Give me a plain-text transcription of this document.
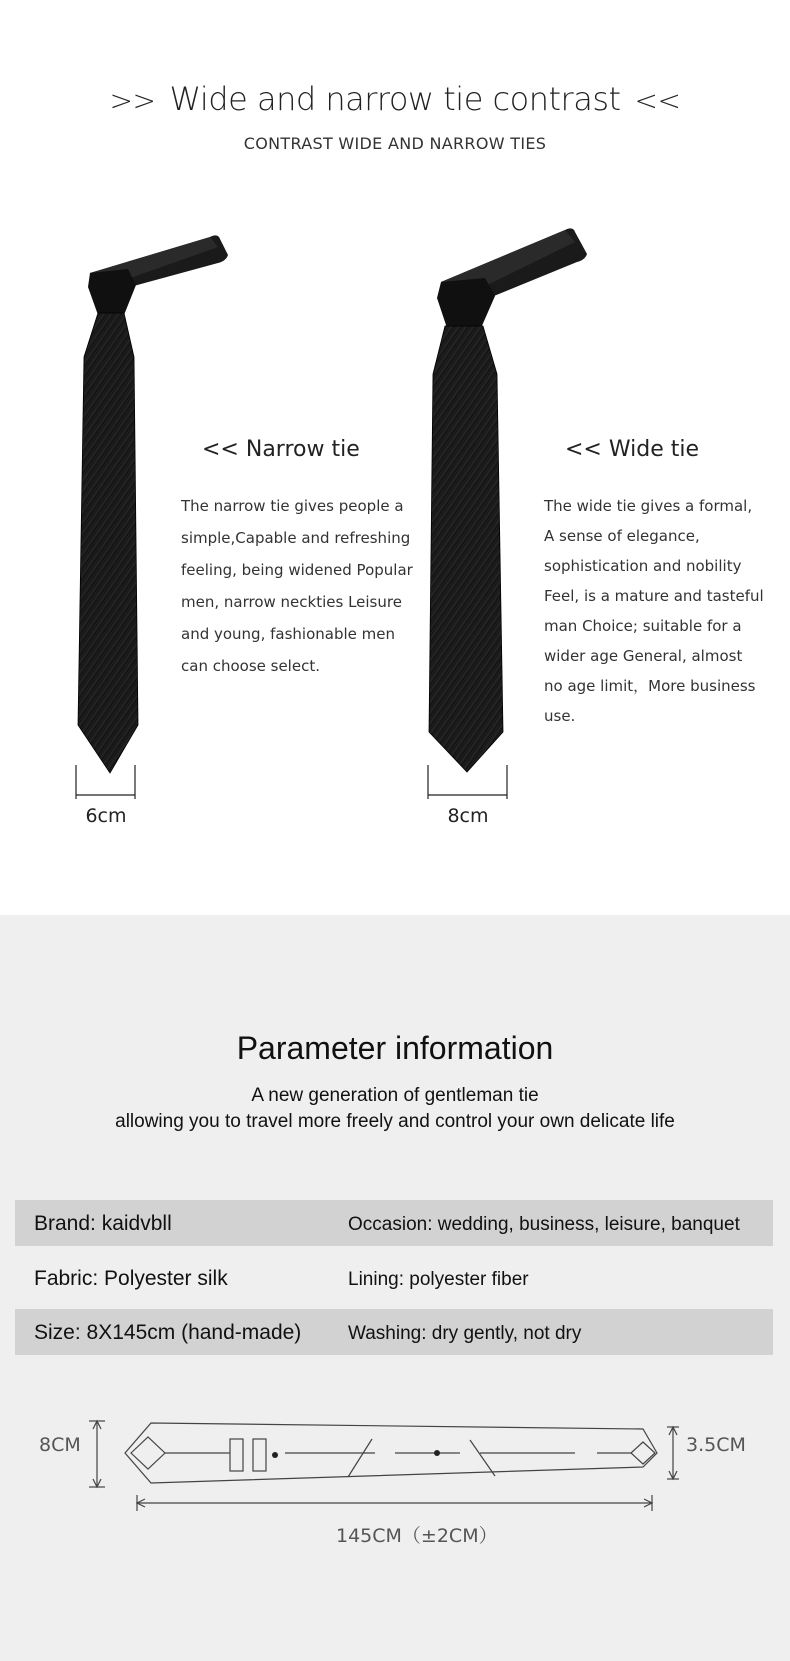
>> Wide and narrow tie contrast <<
CONTRAST WIDE AND NARROW TIES
6cm	8cm
<< Narrow tie
The narrow tie gives people a
simple,Capable and refreshing
feeling, being widened Popular
men, narrow neckties Leisure
and young, fashionable men
can choose select.
<< Wide tie
The wide tie gives a formal,
A sense of elegance,
sophistication and nobility
Feel, is a mature and tasteful
man Choice; suitable for a
wider age General, almost
no age limit，More business
use.
Parameter information
A new generation of gentleman tie
allowing you to travel more freely and control your own delicate life
Brand: kaidvbll	Occasion: wedding, business, leisure, banquet
Fabric: Polyester silk	Lining: polyester fiber
Size: 8X145cm (hand-made) Washing: dry gently, not dry
8CM	3.5CM
145CM（±2CM）
